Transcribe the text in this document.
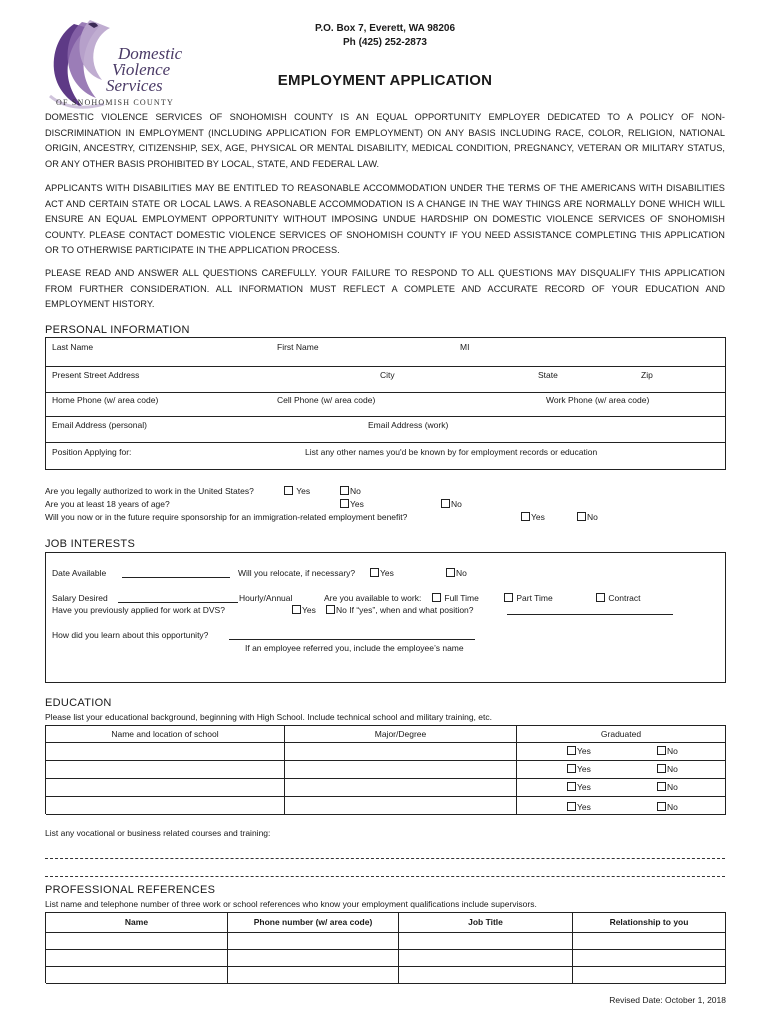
Domestic
Violence
Services
OF SNOHOMISH COUNTY
P.O. Box 7, Everett, WA 98206
Ph (425) 252-2873
EMPLOYMENT APPLICATION
DOMESTIC VIOLENCE SERVICES OF SNOHOMISH COUNTY IS AN EQUAL OPPORTUNITY EMPLOYER DEDICATED TO A POLICY OF NON-DISCRIMINATION IN EMPLOYMENT (INCLUDING APPLICATION FOR EMPLOYMENT) ON ANY BASIS INCLUDING RACE, COLOR, RELIGION, NATIONAL ORIGIN, ANCESTRY, CITIZENSHIP, SEX, AGE, PHYSICAL OR MENTAL DISABILITY, MEDICAL CONDITION, PREGNANCY, VETERAN OR MILITARY STATUS, OR ANY OTHER BASIS PROHIBITED BY LOCAL, STATE, AND FEDERAL LAW.
APPLICANTS WITH DISABILITIES MAY BE ENTITLED TO REASONABLE ACCOMMODATION UNDER THE TERMS OF THE AMERICANS WITH DISABILITIES ACT AND CERTAIN STATE OR LOCAL LAWS. A REASONABLE ACCOMMODATION IS A CHANGE IN THE WAY THINGS ARE NORMALLY DONE WHICH WILL ENSURE AN EQUAL EMPLOYMENT OPPORTUNITY WITHOUT IMPOSING UNDUE HARDSHIP ON DOMESTIC VIOLENCE SERVICES OF SNOHOMISH COUNTY. PLEASE CONTACT DOMESTIC VIOLENCE SERVICES OF SNOHOMISH COUNTY IF YOU NEED ASSISTANCE COMPLETING THIS APPLICATION OR TO OTHERWISE PARTICIPATE IN THE APPLICATION PROCESS.
PLEASE READ AND ANSWER ALL QUESTIONS CAREFULLY. YOUR FAILURE TO RESPOND TO ALL QUESTIONS MAY DISQUALIFY THIS APPLICATION FROM FURTHER CONSIDERATION. ALL INFORMATION MUST REFLECT A COMPLETE AND ACCURATE RECORD OF YOUR EDUCATION AND EMPLOYMENT HISTORY.
PERSONAL INFORMATION
Last Name	First Name	MI
Present Street Address	City	State	Zip
Home Phone (w/ area code)	Cell Phone (w/ area code)	Work Phone (w/ area code)
Email Address (personal)	Email Address (work)
Position Applying for:	List any other names you'd be known by for employment records or education
Are you legally authorized to work in the United States?	Yes	No
Are you at least 18 years of age?	Yes	No
Will you now or in the future require sponsorship for an immigration-related employment benefit?	Yes	No
JOB INTERESTS
Date Available	Will you relocate, if necessary?	Yes	No
Salary Desired	Hourly/Annual	Are you available to work:	Full Time	Part Time	Contract
Have you previously applied for work at DVS?	Yes	No If “yes”, when and what position?
How did you learn about this opportunity?
If an employee referred you, include the employee’s name
EDUCATION
Please list your educational background, beginning with High School. Include technical school and military training, etc.
Name and location of school	Major/Degree	Graduated
Yes	No
Yes	No
Yes	No
Yes	No
List any vocational or business related courses and training:
PROFESSIONAL REFERENCES
List name and telephone number of three work or school references who know your employment qualifications include supervisors.
Name	Phone number (w/ area code)	Job Title	Relationship to you
Revised Date: October 1, 2018
